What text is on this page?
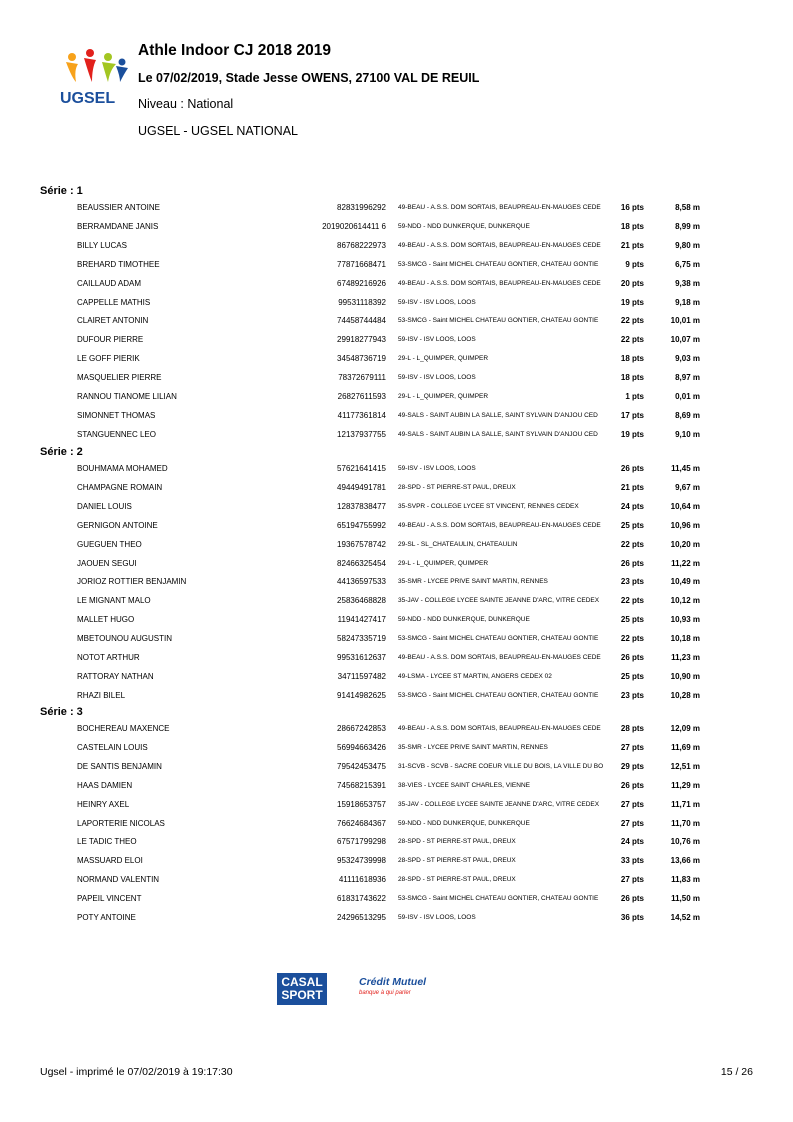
UGSEL
Athle Indoor CJ 2018 2019
Le 07/02/2019, Stade Jesse OWENS, 27100 VAL DE REUIL
Niveau : National
UGSEL - UGSEL NATIONAL
Série : 1
BEAUSSIER ANTOINE	82831996292 49-BEAU - A.S.S. DOM SORTAIS, BEAUPREAU-EN-MAUGES CEDE	16 pts	8,58 m
BERRAMDANE JANIS	2019020614411 6 59-NDD - NDD DUNKERQUE, DUNKERQUE	18 pts	8,99 m
BILLY LUCAS	86768222973 49-BEAU - A.S.S. DOM SORTAIS, BEAUPREAU-EN-MAUGES CEDE	21 pts	9,80 m
BREHARD TIMOTHEE	77871668471 53-SMCG - Saint MICHEL CHATEAU GONTIER, CHATEAU GONTIE	9 pts	6,75 m
CAILLAUD ADAM	67489216926 49-BEAU - A.S.S. DOM SORTAIS, BEAUPREAU-EN-MAUGES CEDE	20 pts	9,38 m
CAPPELLE MATHIS	99531118392 59-ISV - ISV LOOS, LOOS	19 pts	9,18 m
CLAIRET ANTONIN	74458744484 53-SMCG - Saint MICHEL CHATEAU GONTIER, CHATEAU GONTIE	22 pts	10,01 m
DUFOUR PIERRE	29918277943 59-ISV - ISV LOOS, LOOS	22 pts	10,07 m
LE GOFF PIERIK	34548736719 29-L - L_QUIMPER, QUIMPER	18 pts	9,03 m
MASQUELIER PIERRE	78372679111 59-ISV - ISV LOOS, LOOS	18 pts	8,97 m
RANNOU TIANOME LILIAN	26827611593 29-L - L_QUIMPER, QUIMPER	1 pts	0,01 m
SIMONNET THOMAS	41177361814 49-SALS - SAINT AUBIN LA SALLE, SAINT SYLVAIN D'ANJOU CED	17 pts	8,69 m
STANGUENNEC LEO	12137937755 49-SALS - SAINT AUBIN LA SALLE, SAINT SYLVAIN D'ANJOU CED	19 pts	9,10 m
Série : 2
BOUHMAMA MOHAMED	57621641415 59-ISV - ISV LOOS, LOOS	26 pts	11,45 m
CHAMPAGNE ROMAIN	49449491781 28-SPD - ST PIERRE-ST PAUL, DREUX	21 pts	9,67 m
DANIEL LOUIS	12837838477 35-SVPR - COLLEGE LYCEE ST VINCENT, RENNES CEDEX	24 pts	10,64 m
GERNIGON ANTOINE	65194755992 49-BEAU - A.S.S. DOM SORTAIS, BEAUPREAU-EN-MAUGES CEDE	25 pts	10,96 m
GUEGUEN THEO	19367578742 29-SL - SL_CHATEAULIN, CHATEAULIN	22 pts	10,20 m
JAOUEN SEGUI	82466325454 29-L - L_QUIMPER, QUIMPER	26 pts	11,22 m
JORIOZ ROTTIER BENJAMIN	44136597533 35-SMR - LYCEE PRIVE SAINT MARTIN, RENNES	23 pts	10,49 m
LE MIGNANT MALO	25836468828 35-JAV - COLLEGE LYCEE SAINTE JEANNE D'ARC, VITRE CEDEX	22 pts	10,12 m
MALLET HUGO	11941427417 59-NDD - NDD DUNKERQUE, DUNKERQUE	25 pts	10,93 m
MBETOUNOU AUGUSTIN	58247335719 53-SMCG - Saint MICHEL CHATEAU GONTIER, CHATEAU GONTIE	22 pts	10,18 m
NOTOT ARTHUR	99531612637 49-BEAU - A.S.S. DOM SORTAIS, BEAUPREAU-EN-MAUGES CEDE	26 pts	11,23 m
RATTORAY NATHAN	34711597482 49-LSMA - LYCEE ST MARTIN, ANGERS CEDEX 02	25 pts	10,90 m
RHAZI BILEL	91414982625 53-SMCG - Saint MICHEL CHATEAU GONTIER, CHATEAU GONTIE	23 pts	10,28 m
Série : 3
BOCHEREAU MAXENCE	28667242853 49-BEAU - A.S.S. DOM SORTAIS, BEAUPREAU-EN-MAUGES CEDE	28 pts	12,09 m
CASTELAIN LOUIS	56994663426 35-SMR - LYCEE PRIVE SAINT MARTIN, RENNES	27 pts	11,69 m
DE SANTIS BENJAMIN	79542453475 31-SCVB - SCVB - SACRE COEUR VILLE DU BOIS, LA VILLE DU BO	29 pts	12,51 m
HAAS DAMIEN	74568215391 38-VIES - LYCEE SAINT CHARLES, VIENNE	26 pts	11,29 m
HEINRY AXEL	15918653757 35-JAV - COLLEGE LYCEE SAINTE JEANNE D'ARC, VITRE CEDEX	27 pts	11,71 m
LAPORTERIE NICOLAS	76624684367 59-NDD - NDD DUNKERQUE, DUNKERQUE	27 pts	11,70 m
LE TADIC THEO	67571799298 28-SPD - ST PIERRE-ST PAUL, DREUX	24 pts	10,76 m
MASSUARD ELOI	95324739998 28-SPD - ST PIERRE-ST PAUL, DREUX	33 pts	13,66 m
NORMAND VALENTIN	41111618936 28-SPD - ST PIERRE-ST PAUL, DREUX	27 pts	11,83 m
PAPEIL VINCENT	61831743622 53-SMCG - Saint MICHEL CHATEAU GONTIER, CHATEAU GONTIE	26 pts	11,50 m
POTY ANTOINE	24296513295 59-ISV - ISV LOOS, LOOS	36 pts	14,52 m
CASAL
SPORT
Crédit Mutuel
banque à qui parler
Ugsel - imprimé le 07/02/2019 à 19:17:30	15 / 26
